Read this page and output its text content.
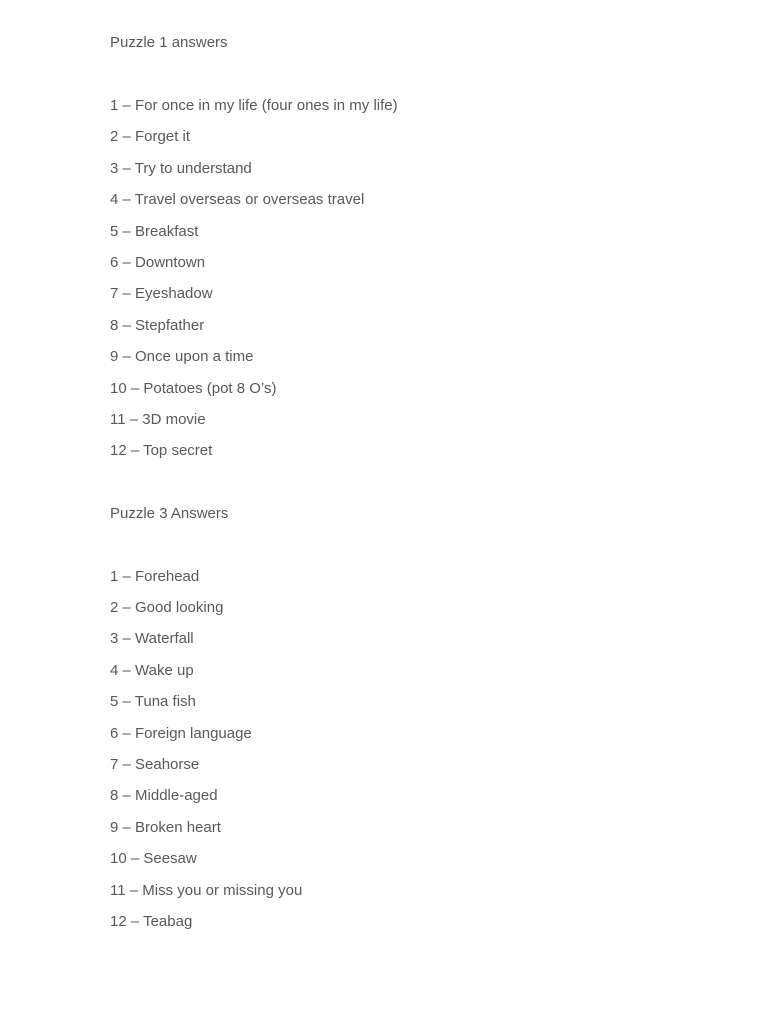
Puzzle 1 answers

1 – For once in my life (four ones in my life)
2 – Forget it
3 – Try to understand
4 – Travel overseas or overseas travel
5 – Breakfast
6 – Downtown
7 – Eyeshadow
8 – Stepfather
9 – Once upon a time
10 – Potatoes (pot 8 O’s)
11 – 3D movie
12 – Top secret

Puzzle 3 Answers

1 – Forehead
2 – Good looking
3 – Waterfall
4 – Wake up
5 – Tuna fish
6 – Foreign language
7 – Seahorse
8 – Middle-aged
9 – Broken heart
10 – Seesaw
11 – Miss you or missing you
12 – Teabag
